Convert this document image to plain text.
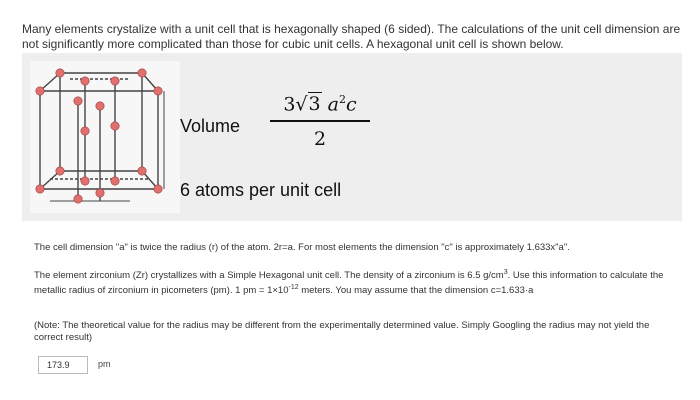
Many elements crystalize with a unit cell that is hexagonally shaped (6 sided). The calculations of the unit cell dimension are not significantly more complicated than those for cubic unit cells. A hexagonal unit cell is shown below.
Volume
3√3 $a^2c$
2
6 atoms per unit cell
The cell dimension "a" is twice the radius (r) of the atom. 2r=a. For most elements the dimension "c" is approximately 1.633x"a".
The element zirconium (Zr) crystallizes with a Simple Hexagonal unit cell. The density of a zirconium is 6.5 $g/cm^3$. Use this information to calculate the metallic radius of zirconium in picometers (pm). 1 pm = $1\times 10^{-12}$ meters. You may assume that the dimension c=1.633·a
(Note: The theoretical value for the radius may be different from the experimentally determined value. Simply Googling the radius may not yield the correct result)
173.9
pm
